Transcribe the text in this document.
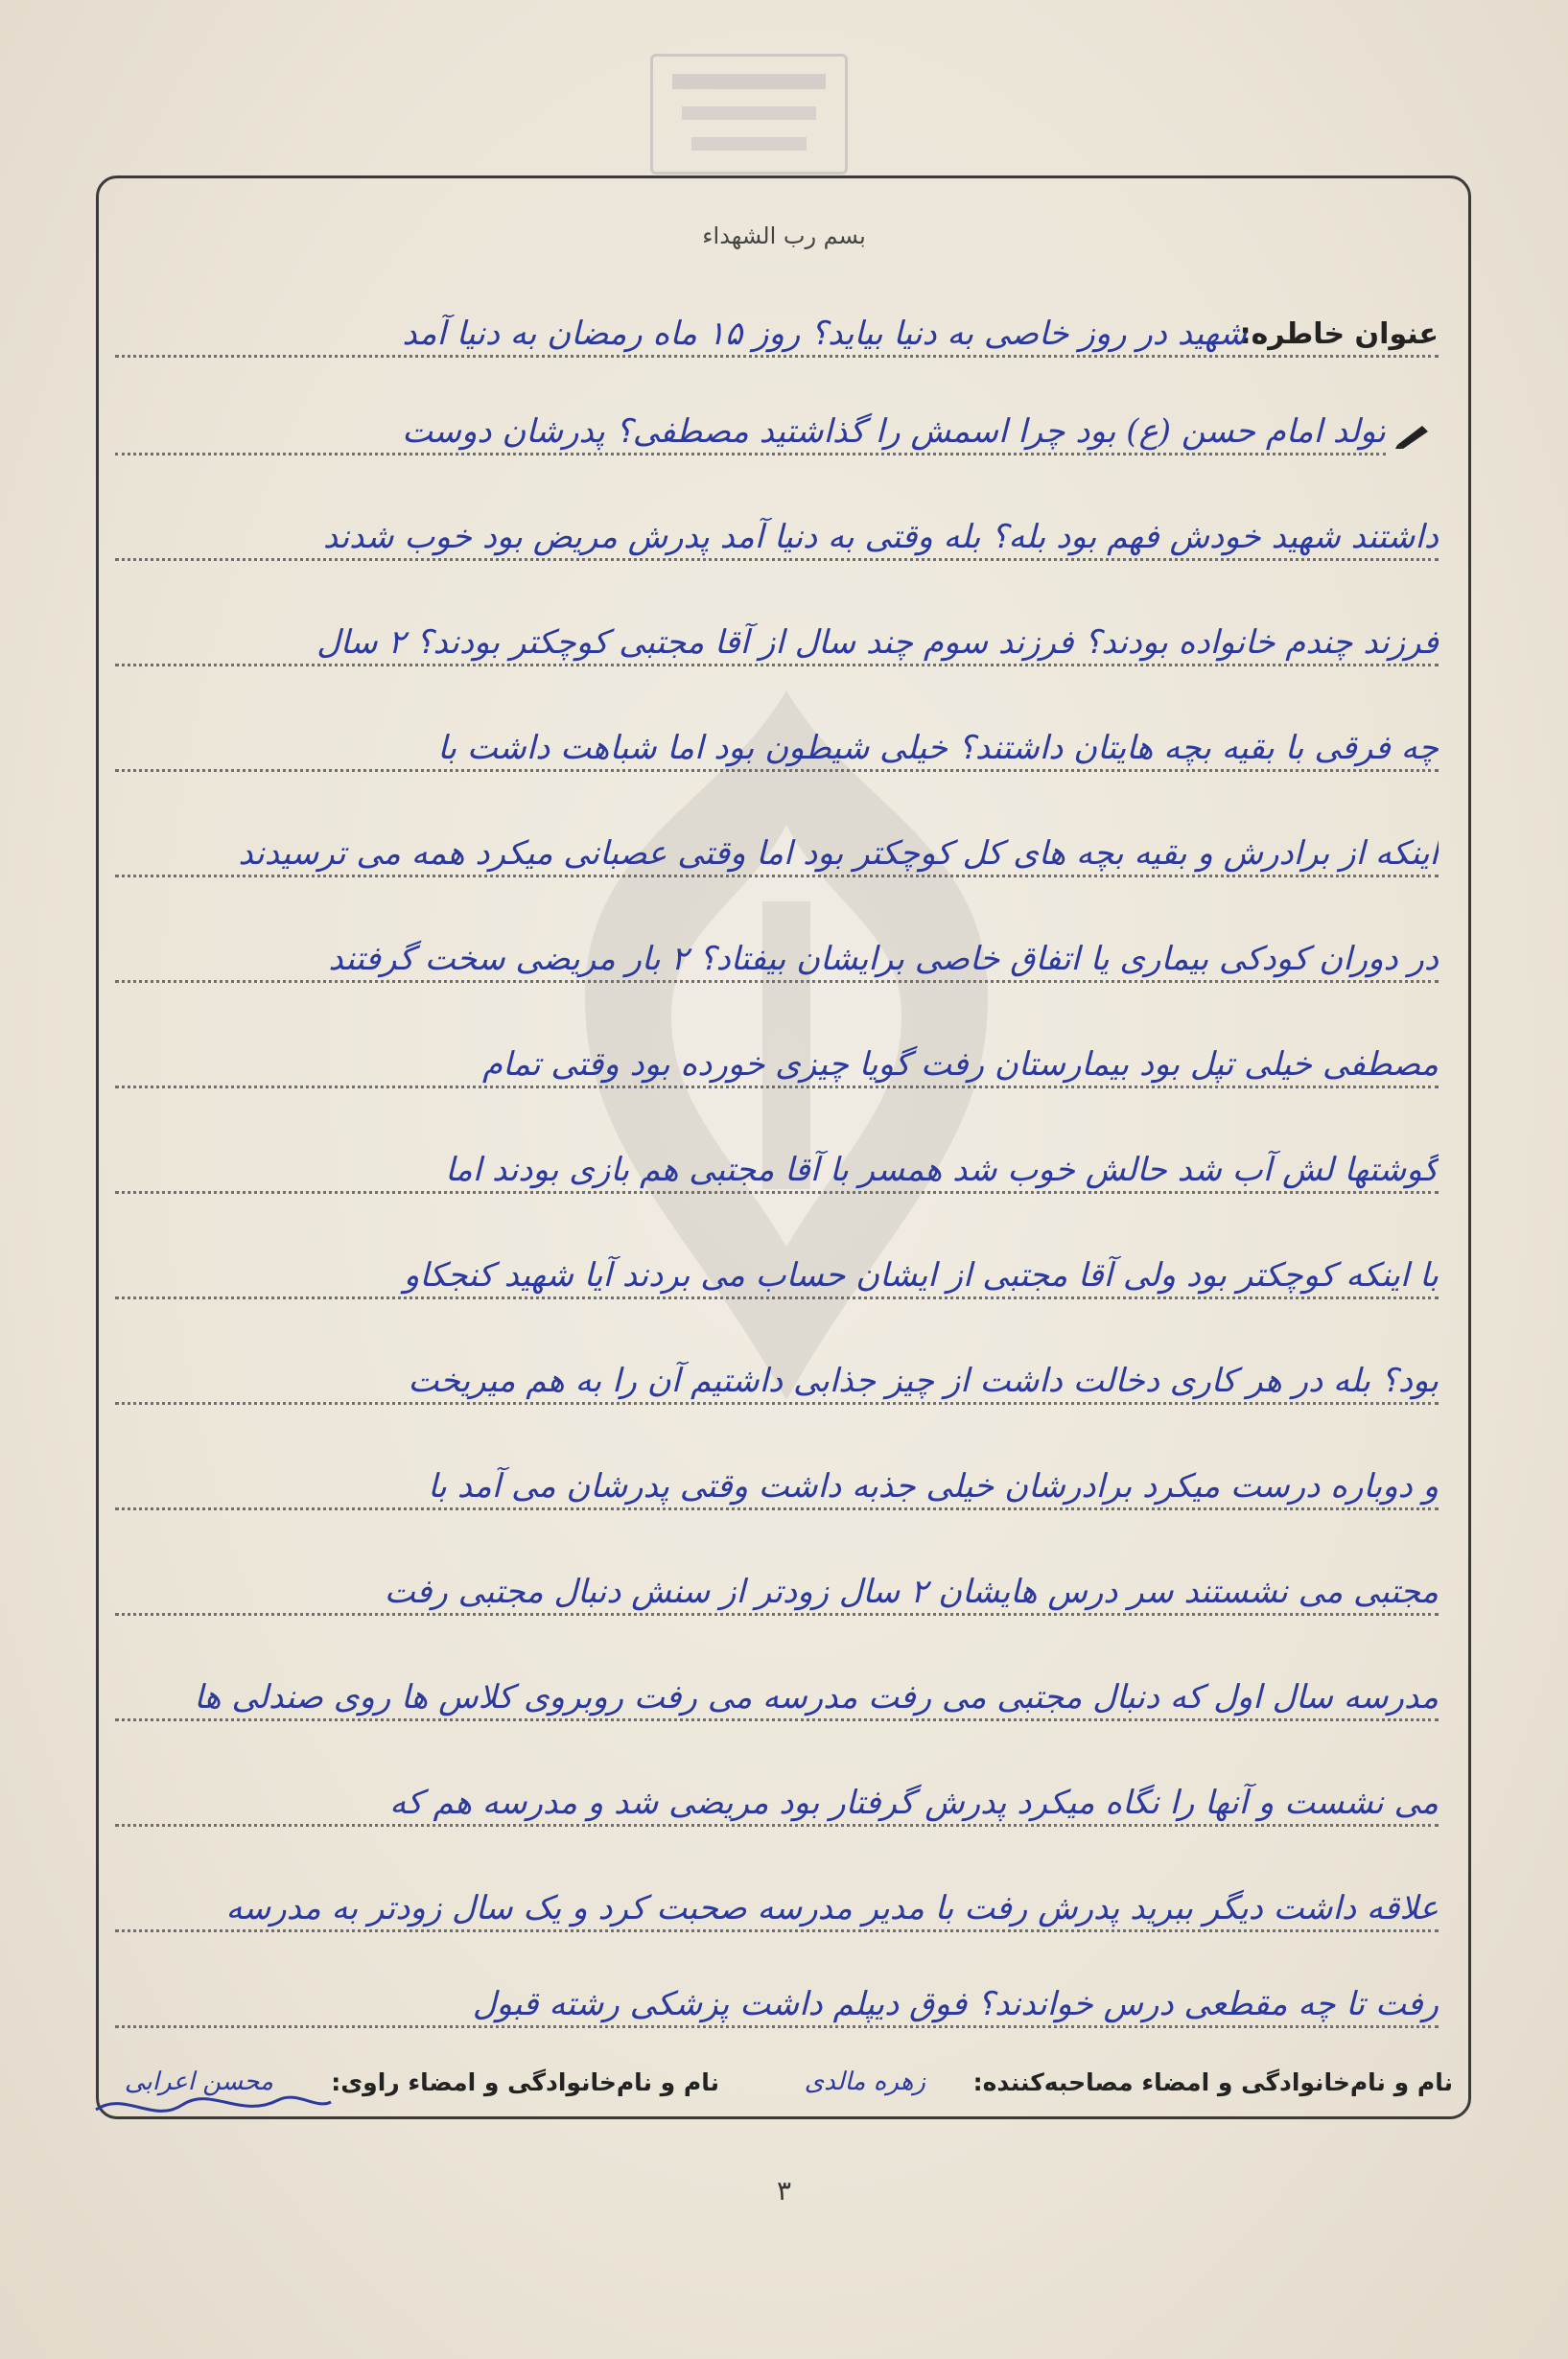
بسم رب الشهداء
عنوان خاطره:
شهید در روز خاصی به دنیا بیاید؟ روز ۱۵ ماه رمضان به دنیا آمد
تولد امام حسن (ع) بود چرا اسمش را گذاشتید مصطفی؟ پدرشان دوست
داشتند شهید خودش فهم بود بله؟ بله وقتی به دنیا آمد پدرش مریض بود خوب شدند
فرزند چندم خانواده بودند؟ فرزند سوم چند سال از آقا مجتبی کوچکتر بودند؟ ۲ سال
چه فرقی با بقیه بچه هایتان داشتند؟ خیلی شیطون بود اما شباهت داشت با
اینکه از برادرش و بقیه بچه های کل کوچکتر بود اما وقتی عصبانی میکرد همه می ترسیدند
در دوران کودکی بیماری یا اتفاق خاصی برایشان بیفتاد؟ ۲ بار مریضی سخت گرفتند
مصطفی خیلی تپل بود بیمارستان رفت گویا چیزی خورده بود وقتی تمام
گوشتها لش آب شد حالش خوب شد همسر با آقا مجتبی هم بازی بودند اما
با اینکه کوچکتر بود ولی آقا مجتبی از ایشان حساب می بردند آیا شهید کنجکاو
بود؟ بله در هر کاری دخالت داشت از چیز جذابی داشتیم آن را به هم میریخت
و دوباره درست میکرد برادرشان خیلی جذبه داشت وقتی پدرشان می آمد با
مجتبی می نشستند سر درس هایشان ۲ سال زودتر از سنش دنبال مجتبی رفت
مدرسه سال اول که دنبال مجتبی می رفت مدرسه می رفت روبروی کلاس ها روی صندلی ها
می نشست و آنها را نگاه میکرد پدرش گرفتار بود مریضی شد و مدرسه هم که
علاقه داشت دیگر ببرید پدرش رفت با مدیر مدرسه صحبت کرد و یک سال زودتر به مدرسه
رفت تا چه مقطعی درس خواندند؟ فوق دیپلم داشت پزشکی رشته قبول
نام و نام‌خانوادگی و امضاء مصاحبه‌کننده:
زهره مالدی
نام و نام‌خانوادگی و امضاء راوی:
محسن اعرابی
۳
